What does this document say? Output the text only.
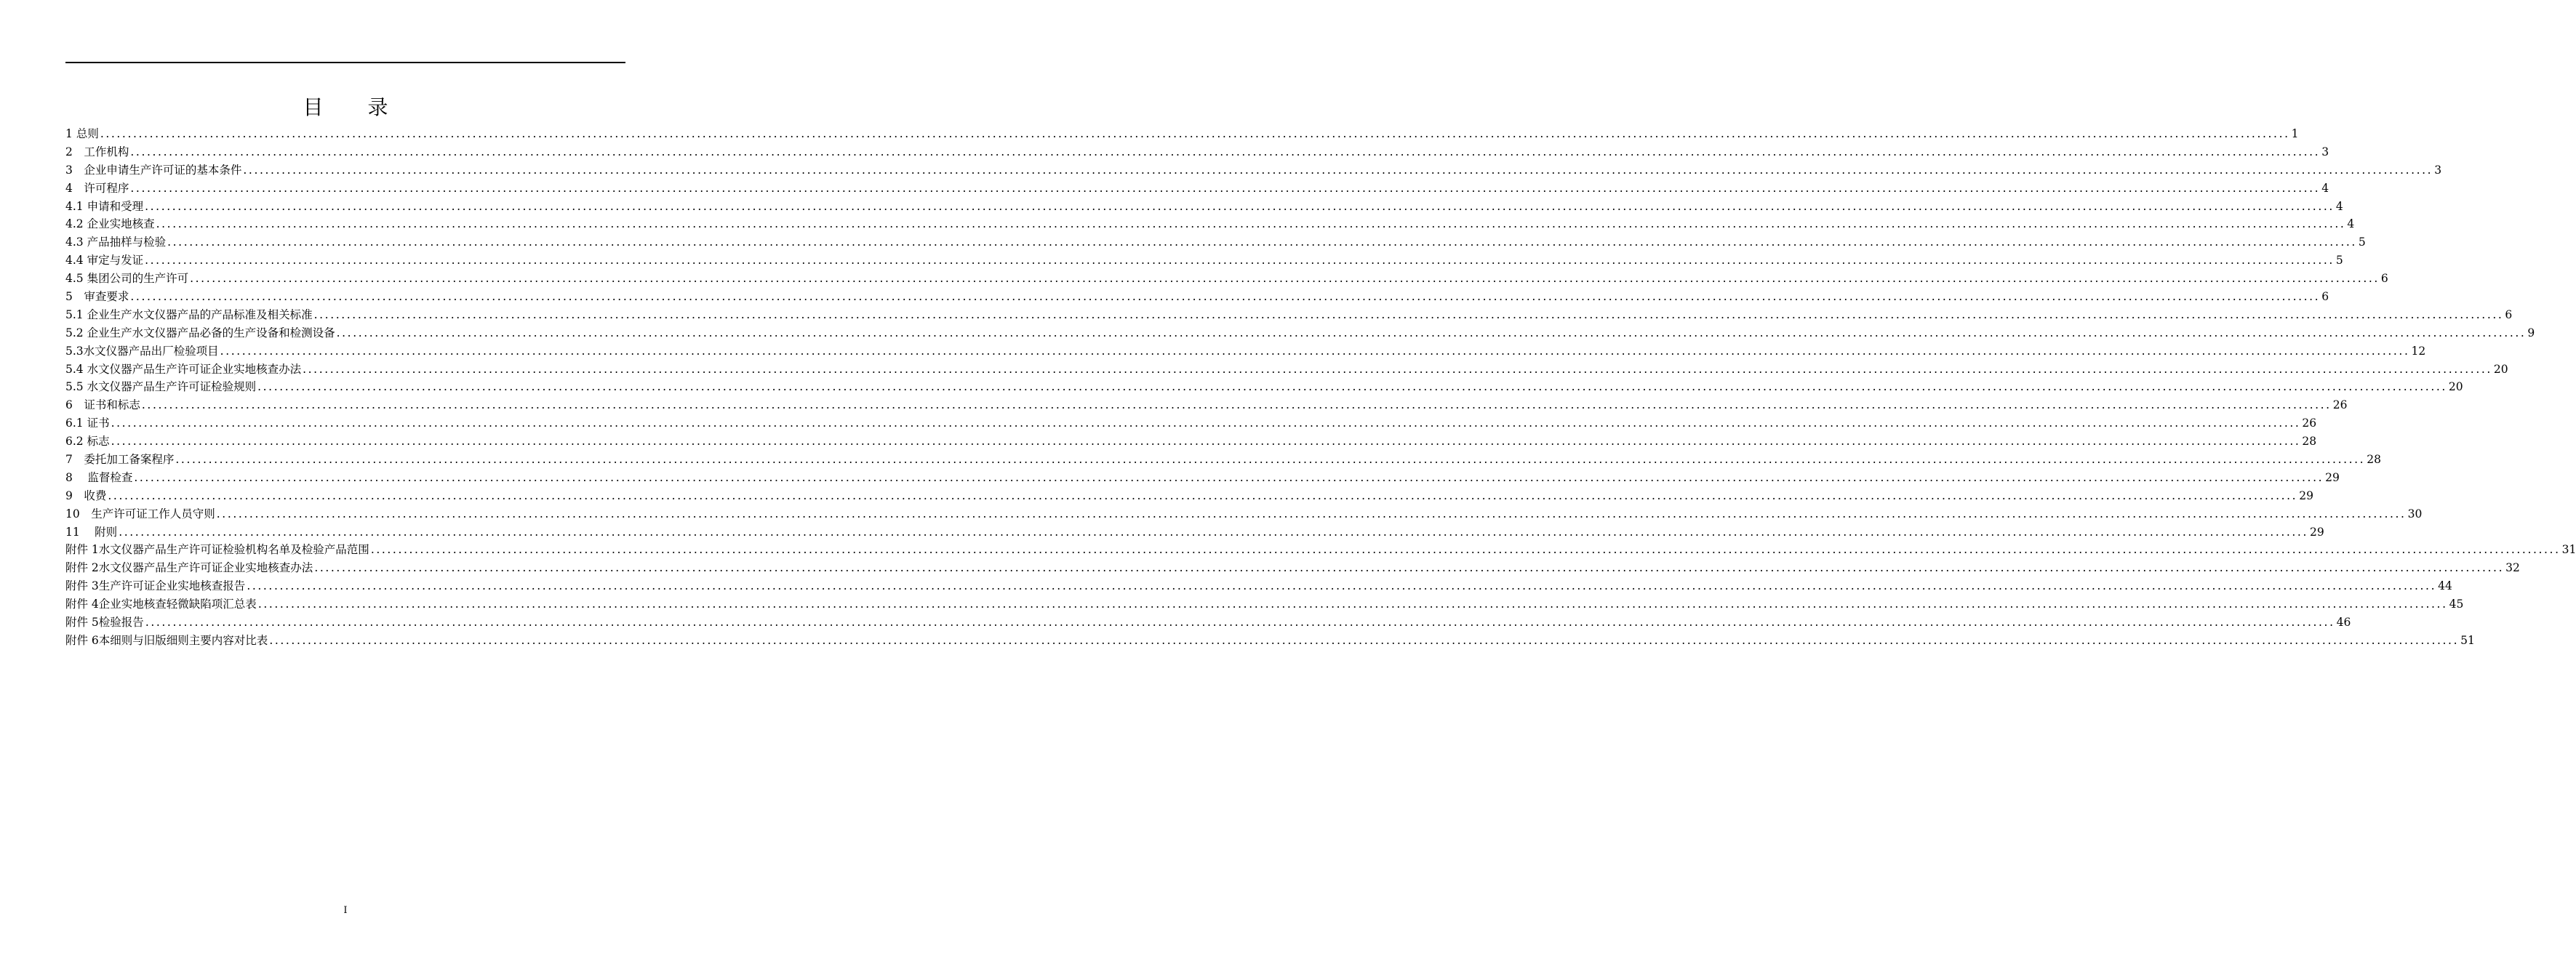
目 录
1
总则 ................................................................................................................................................................................................................................................................................................................................................................................................................ 1
2
　 工作机构 ................................................................................................................................................................................................................................................................................................................................................................................................................ 3
3
　 企业申请生产许可证的基本条件 ................................................................................................................................................................................................................................................................................................................................................................................................................ 3
4
　 许可程序 ................................................................................................................................................................................................................................................................................................................................................................................................................ 4
4.1
申请和受理 ................................................................................................................................................................................................................................................................................................................................................................................................................ 4
4.2
企业实地核查 ................................................................................................................................................................................................................................................................................................................................................................................................................ 4
4.3
产品抽样与检验 ................................................................................................................................................................................................................................................................................................................................................................................................................ 5
4.4
审定与发证 ................................................................................................................................................................................................................................................................................................................................................................................................................ 5
4.5
集团公司的生产许可 ................................................................................................................................................................................................................................................................................................................................................................................................................ 6
5
　 审查要求 ................................................................................................................................................................................................................................................................................................................................................................................................................ 6
5.1
企业生产水文仪器产品的产品标准及相关标准 ................................................................................................................................................................................................................................................................................................................................................................................................................ 6
5.2
企业生产水文仪器产品必备的生产设备和检测设备 ................................................................................................................................................................................................................................................................................................................................................................................................................ 9
5.3 水文仪器产品出厂检验项目 ................................................................................................................................................................................................................................................................................................................................................................................................................ 12
5.4
水文仪器产品生产许可证企业实地核查办法 ................................................................................................................................................................................................................................................................................................................................................................................................................ 20
5.5
水文仪器产品生产许可证检验规则 ................................................................................................................................................................................................................................................................................................................................................................................................................ 20
6
　 证书和标志 ................................................................................................................................................................................................................................................................................................................................................................................................................ 26
6.1
证书 ................................................................................................................................................................................................................................................................................................................................................................................................................ 26
6.2
标志 ................................................................................................................................................................................................................................................................................................................................................................................................................ 28
7
　 委托加工备案程序 ................................................................................................................................................................................................................................................................................................................................................................................................................ 28
8
　 监督检查 ................................................................................................................................................................................................................................................................................................................................................................................................................ 29
9
　 收费 ................................................................................................................................................................................................................................................................................................................................................................................................................ 29
10
　 生产许可证工作人员守则 ................................................................................................................................................................................................................................................................................................................................................................................................................ 30
11
　 附则 ................................................................................................................................................................................................................................................................................................................................................................................................................ 29
附件 1 水文仪器产品生产许可证检验机构名单及检验产品范围 ................................................................................................................................................................................................................................................................................................................................................................................................................ 31
附件 2 水文仪器产品生产许可证企业实地核查办法 ................................................................................................................................................................................................................................................................................................................................................................................................................ 32
附件 3 生产许可证企业实地核查报告 ................................................................................................................................................................................................................................................................................................................................................................................................................ 44
附件 4 企业实地核查轻微缺陷项汇总表 ................................................................................................................................................................................................................................................................................................................................................................................................................ 45
附件 5 检验报告 ................................................................................................................................................................................................................................................................................................................................................................................................................ 46
附件 6 本细则与旧版细则主要内容对比表 ................................................................................................................................................................................................................................................................................................................................................................................................................ 51
I
